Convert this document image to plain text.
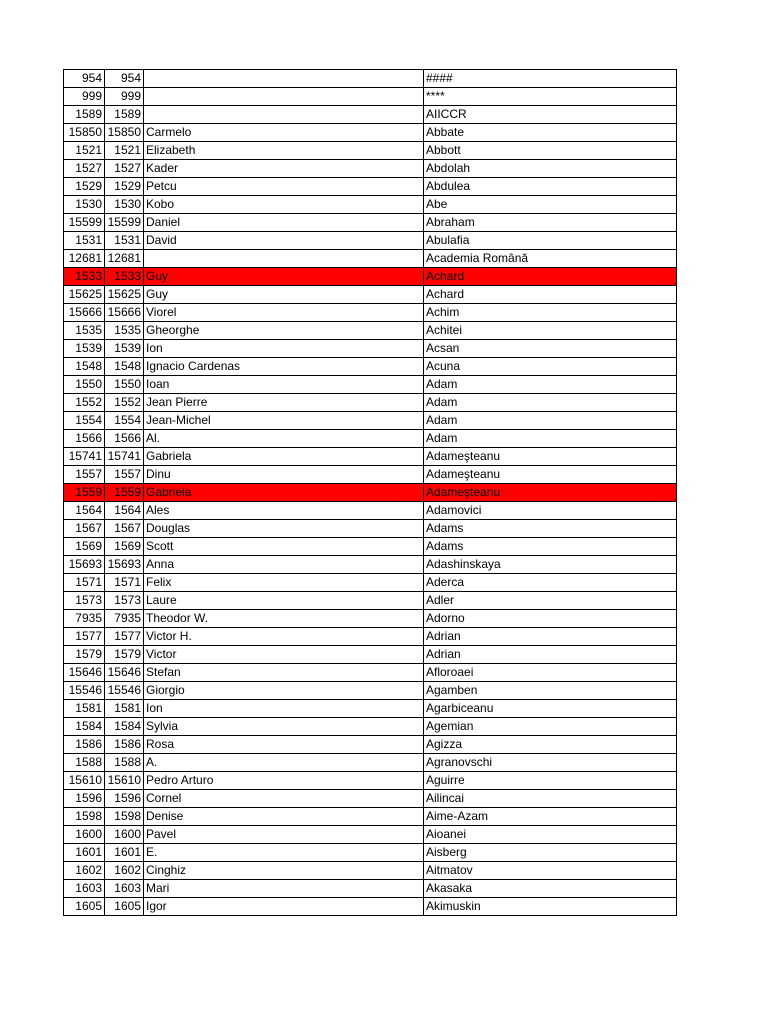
954	954		####
999	999		****
1589	1589		AIICCR
15850	15850	Carmelo	Abbate
1521	1521	Elizabeth	Abbott
1527	1527	Kader	Abdolah
1529	1529	Petcu	Abdulea
1530	1530	Kobo	Abe
15599	15599	Daniel	Abraham
1531	1531	David	Abulafia
12681	12681		Academia Română
1533	1533	Guy	Achard
15625	15625	Guy	Achard
15666	15666	Viorel	Achim
1535	1535	Gheorghe	Achitei
1539	1539	Ion	Acsan
1548	1548	Ignacio Cardenas	Acuna
1550	1550	Ioan	Adam
1552	1552	Jean Pierre	Adam
1554	1554	Jean-Michel	Adam
1566	1566	Al.	Adam
15741	15741	Gabriela	Adameşteanu
1557	1557	Dinu	Adameşteanu
1559	1559	Gabriela	Adameşteanu
1564	1564	Ales	Adamovici
1567	1567	Douglas	Adams
1569	1569	Scott	Adams
15693	15693	Anna	Adashinskaya
1571	1571	Felix	Aderca
1573	1573	Laure	Adler
7935	7935	Theodor W.	Adorno
1577	1577	Victor H.	Adrian
1579	1579	Victor	Adrian
15646	15646	Stefan	Afloroaei
15546	15546	Giorgio	Agamben
1581	1581	Ion	Agarbiceanu
1584	1584	Sylvia	Agemian
1586	1586	Rosa	Agizza
1588	1588	A.	Agranovschi
15610	15610	Pedro Arturo	Aguirre
1596	1596	Cornel	Ailincai
1598	1598	Denise	Aime-Azam
1600	1600	Pavel	Aioanei
1601	1601	E.	Aisberg
1602	1602	Cinghiz	Aitmatov
1603	1603	Mari	Akasaka
1605	1605	Igor	Akimuskin
